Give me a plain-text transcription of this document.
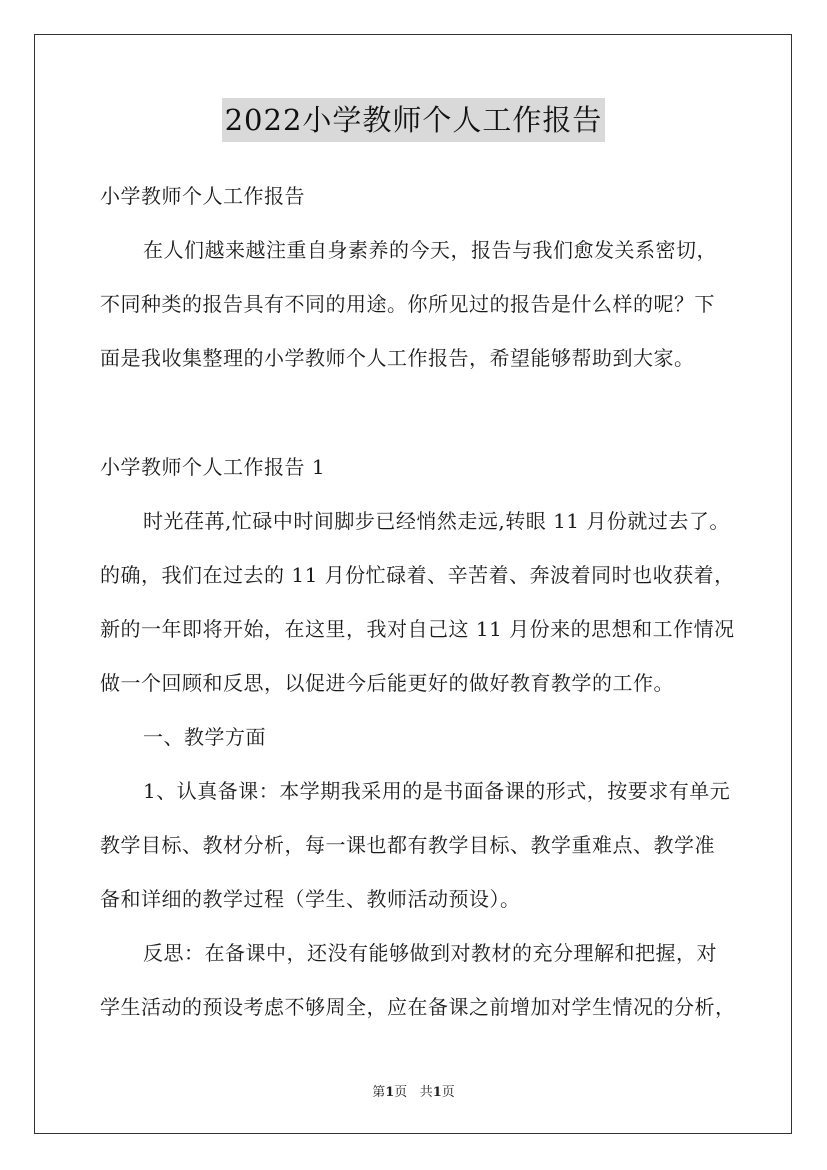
2022小学教师个人工作报告
小学教师个人工作报告
在人们越来越注重自身素养的今天，报告与我们愈发关系密切，
不同种类的报告具有不同的用途。你所见过的报告是什么样的呢？下
面是我收集整理的小学教师个人工作报告，希望能够帮助到大家。
小学教师个人工作报告 1
时光荏苒,忙碌中时间脚步已经悄然走远,转眼 11 月份就过去了。
的确，我们在过去的 11 月份忙碌着、辛苦着、奔波着同时也收获着，
新的一年即将开始，在这里，我对自己这 11 月份来的思想和工作情况
做一个回顾和反思，以促进今后能更好的做好教育教学的工作。
一、教学方面
1、认真备课：本学期我采用的是书面备课的形式，按要求有单元
教学目标、教材分析，每一课也都有教学目标、教学重难点、教学准
备和详细的教学过程（学生、教师活动预设）。
反思：在备课中，还没有能够做到对教材的充分理解和把握，对
学生活动的预设考虑不够周全，应在备课之前增加对学生情况的分析，
第1页 共1页
